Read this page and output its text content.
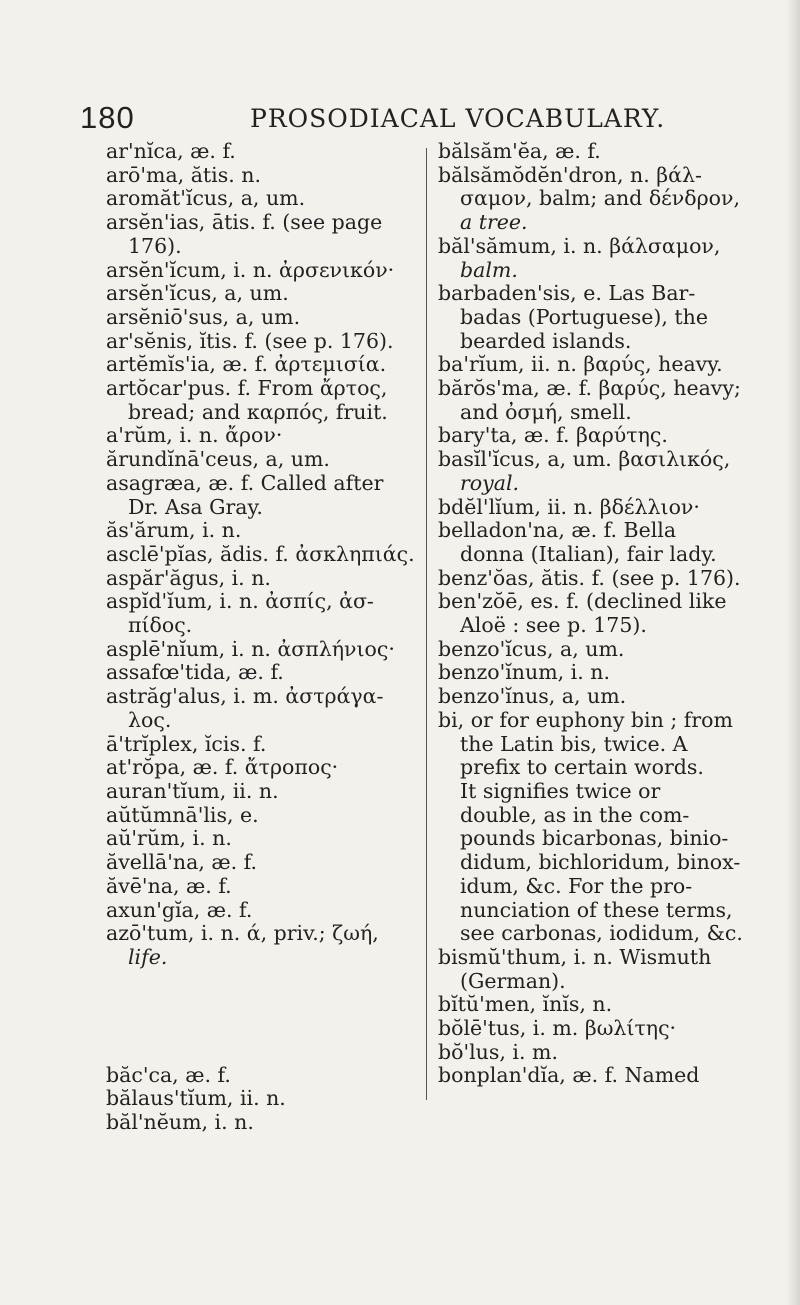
180	PROSODIACAL VOCABULARY.
ar'nĭca, æ. f.
arō'ma, ătis. n.
aromăt'ĭcus, a, um.
arsĕn'ias, ātis. f. (see page
176).
arsĕn'ĭcum, i. n. ἀρσενικόν·
arsĕn'ĭcus, a, um.
arsĕniō'sus, a, um.
ar'sĕnis, ĭtis. f. (see p. 176).
artĕmĭs'ia, æ. f. ἀρτεμισία.
artŏcar'pus. f. From ἄρτος,
bread; and καρπός, fruit.
a'rŭm, i. n. ἄρον·
ărundĭnā'ceus, a, um.
asagræa, æ. f. Called after
Dr. Asa Gray.
ăs'ărum, i. n.
asclē'pĭas, ădis. f. ἀσκληπιάς.
aspăr'ăgus, i. n.
aspĭd'ĭum, i. n. ἀσπίς, ἀσ-
πίδος.
asplē'nĭum, i. n. ἀσπλήνιος·
assafœ'tida, æ. f.
astrăg'alus, i. m. ἀστράγα-
λος.
ā'trĭplex, ĭcis. f.
at'rŏpa, æ. f. ἄτροπος·
auran'tĭum, ii. n.
aŭtŭmnā'lis, e.
aŭ'rŭm, i. n.
ăvellā'na, æ. f.
ăvē'na, æ. f.
axun'gĭa, æ. f.
azō'tum, i. n. ά, priv.; ζωή,
life.
băc'ca, æ. f.
bălaus'tĭum, ii. n.
băl'nĕum, i. n.
bălsăm'ĕa, æ. f.
bălsămŏdĕn'dron, n. βάλ-
σαμον, balm; and δένδρον,
a tree.
băl'sămum, i. n. βάλσαμον,
balm.
barbaden'sis, e. Las Bar-
badas (Portuguese), the
bearded islands.
ba'rĭum, ii. n. βαρύς, heavy.
bărŏs'ma, æ. f. βαρύς, heavy;
and ὀσμή, smell.
bary'ta, æ. f. βαρύτης.
basĭl'ĭcus, a, um. βασιλικός,
royal.
bdĕl'lĭum, ii. n. βδέλλιον·
belladon'na, æ. f. Bella
donna (Italian), fair lady.
benz'ŏas, ătis. f. (see p. 176).
ben'zŏē, es. f. (declined like
Aloë : see p. 175).
benzo'ĭcus, a, um.
benzo'ĭnum, i. n.
benzo'ĭnus, a, um.
bi, or for euphony bin ; from
the Latin bis, twice. A
prefix to certain words.
It signifies twice or
double, as in the com-
pounds bicarbonas, binio-
didum, bichloridum, binox-
idum, &c. For the pro-
nunciation of these terms,
see carbonas, iodidum, &c.
bismŭ'thum, i. n. Wismuth
(German).
bĭtŭ'men, ĭnĭs, n.
bŏlē'tus, i. m. βωλίτης·
bŏ'lus, i. m.
bonplan'dĭa, æ. f. Named
